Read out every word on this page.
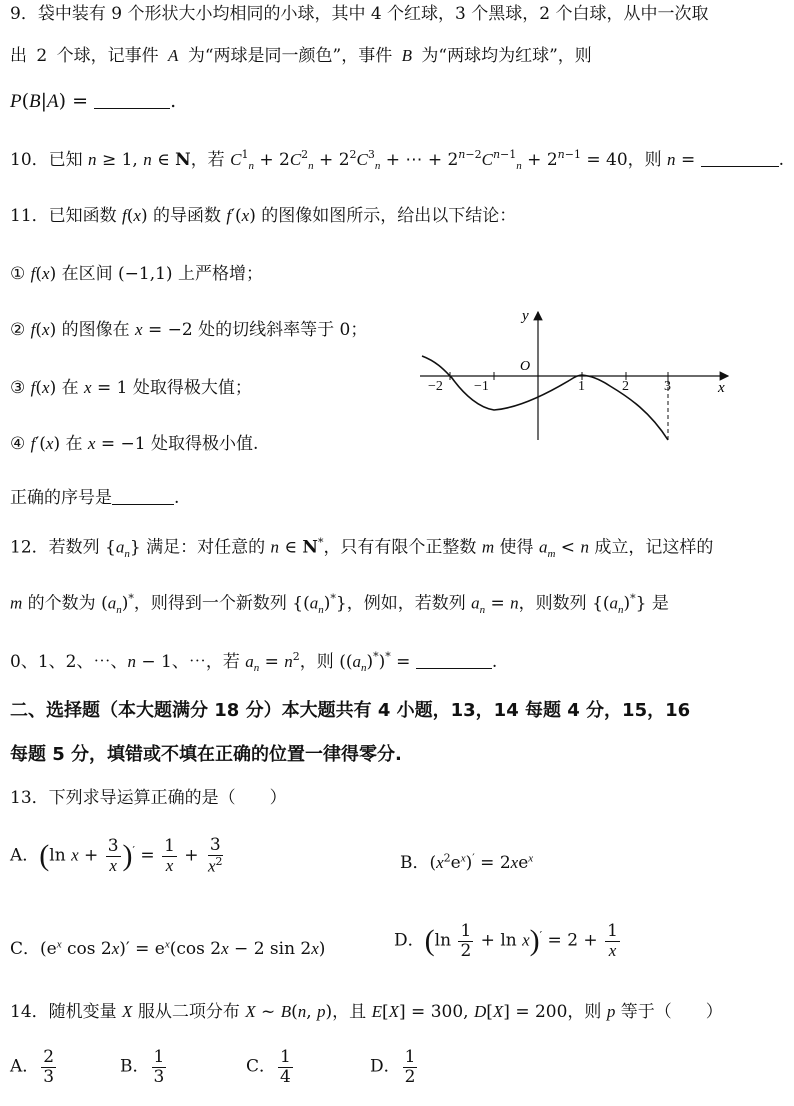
9．袋中装有 9 个形状大小均相同的小球，其中 4 个红球，3 个黑球，2 个白球，从中一次取
出 2 个球，记事件 A 为“两球是同一颜色”，事件 B 为“两球均为红球”，则
P(B|A) =	.
10．已知 n ≥ 1, n ∈ N，若 $C^1_n + 2C^2_n + 2^2C^3_n$ + ⋯ + $2^{n-2}C^{n-1}_n + 2^{n-1} = 40$，则 n =	.
11．已知函数 f(x) 的导函数 f′(x) 的图像如图所示，给出以下结论：
① f(x) 在区间 (−1,1) 上严格增；
② f(x) 的图像在 x = −2 处的切线斜率等于 0；
③ f(x) 在 x = 1 处取得极大值；
④ f′(x) 在 x = −1 处取得极小值.
正确的序号是	.
y
x
O
−2 −1	1	2	3
12．若数列 $\{a_n\}$ 满足：对任意的 n ∈ N*，只有有限个正整数 m 使得 $a_m < n$ 成立，记这样的
m 的个数为 $(a_n)^*$，则得到一个新数列 $\{(a_n)^*\}$，例如，若数列 $a_n = n$，则数列 $\{(a_n)^*\}$ 是
0、1、2、⋯、n − 1、⋯，若 $a_n = n^2$，则 $((a_n)^*)^*$ =	.
二、选择题（本大题满分 18 分）本大题共有 4 小题，13，14 每题 4 分，15，16
每题 5 分，填错或不填在正确的位置一律得零分.
13．下列求导运算正确的是（　　）
A．(ln $x + \frac{3}{x} )' = \frac{1}{x} + \frac{3}{x^2}$	B．$(x^2e^x)' = 2xe^x$
C．($e^x$ $\cos 2x)' = e^x(\cos$ 2x − 2 sin 2x)	D．$(\ln \frac{1}{2} + \ln x)' = 2 + \frac{1}{x}$
14．随机变量 X 服从二项分布 X ~ B(n, p)，且 E[X] = 300, D[X] = 200，则 p 等于（　　）
A． $\frac{2}{3}$	B． $\frac{1}{3}$	C． $\frac{1}{4}$	D． $\frac{1}{2}$
